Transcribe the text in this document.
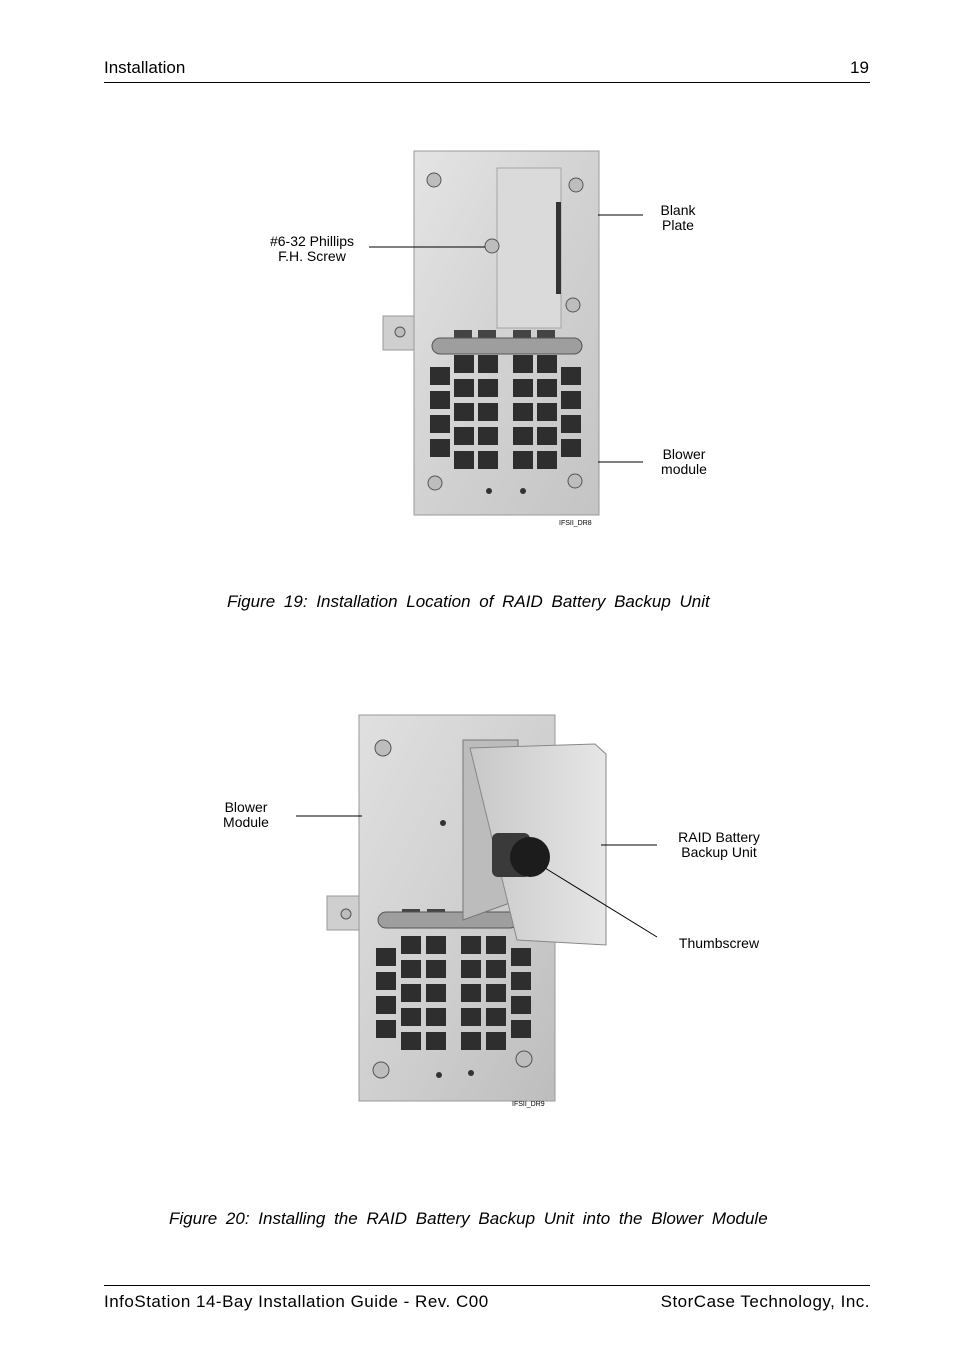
Installation	19
#6-32 Phillips
F.H. Screw
Blank
Plate
Blower
module
IFSII_DR8
Figure 19: Installation Location of RAID Battery Backup Unit
Blower
Module
RAID Battery
Backup Unit
Thumbscrew
IFSII_DR9
Figure 20: Installing the RAID Battery Backup Unit into the Blower Module
InfoStation 14-Bay Installation Guide - Rev. C00	StorCase Technology, Inc.
